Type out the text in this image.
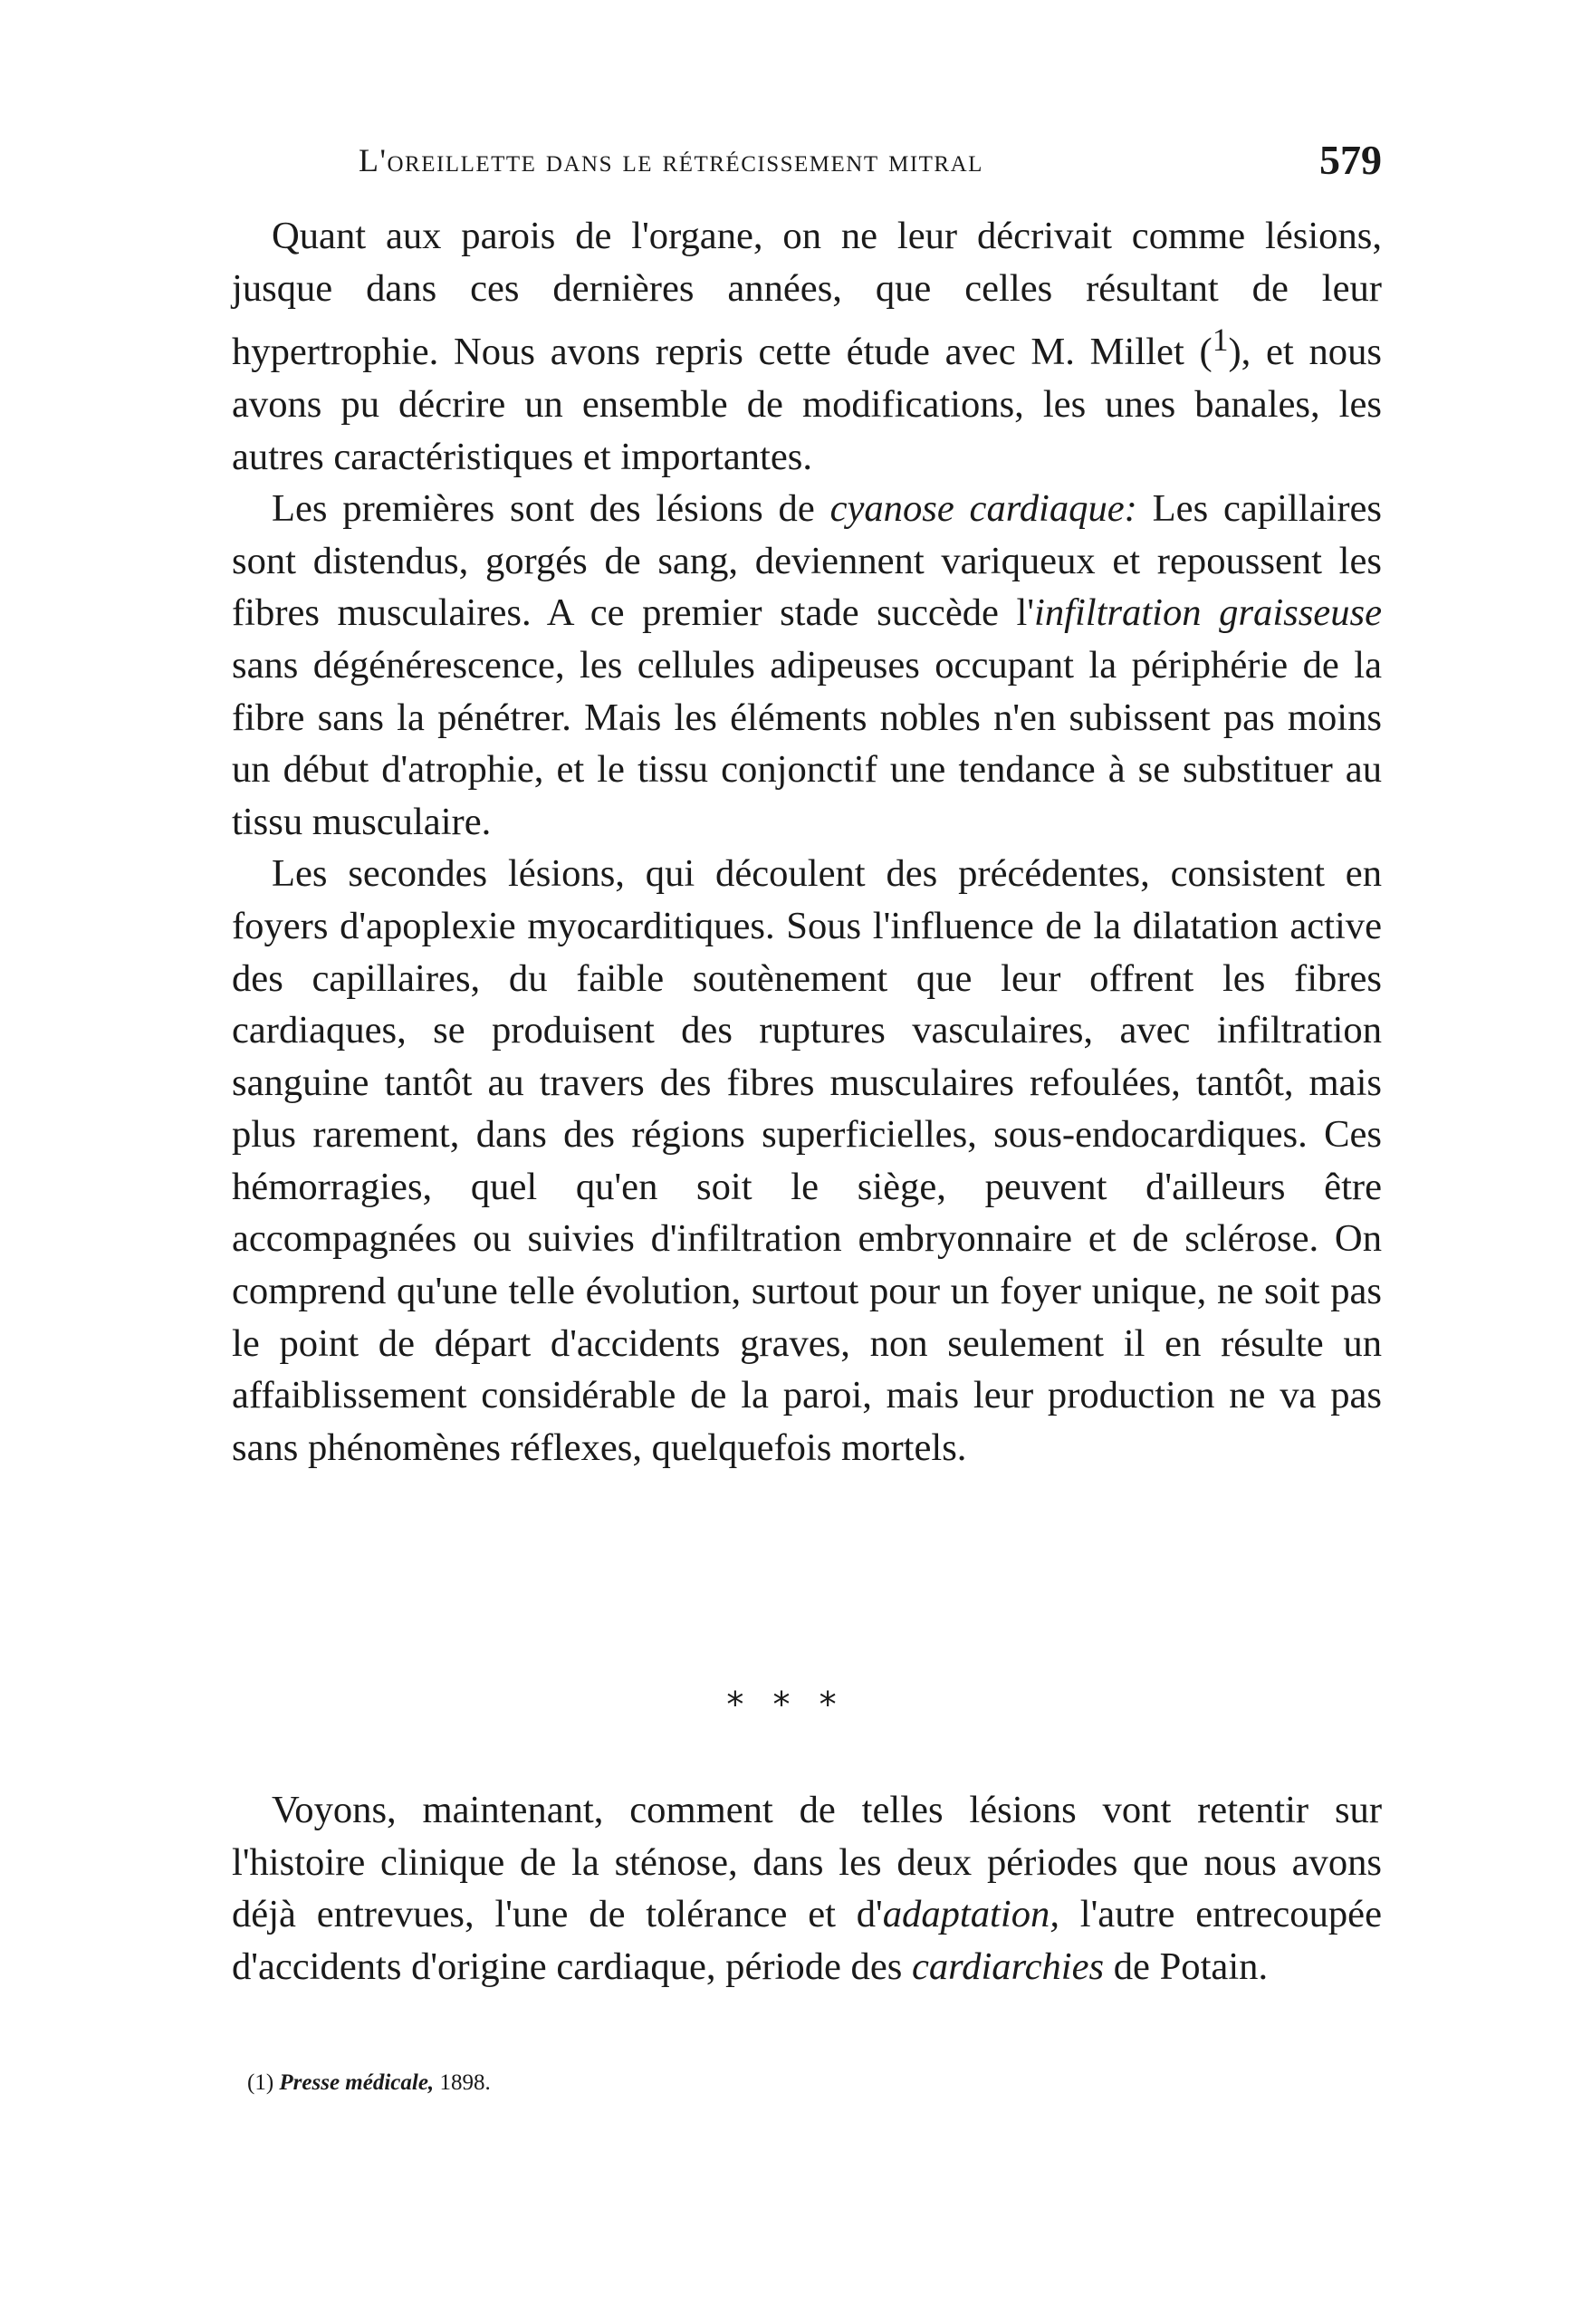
L'oreillette dans le rétrécissement mitral	579

Quant aux parois de l'organe, on ne leur décrivait comme lésions, jusque dans ces dernières années, que celles résultant de leur hypertrophie. Nous avons repris cette étude avec M. Millet ($^1$), et nous avons pu décrire un ensemble de modifications, les unes banales, les autres caractéristiques et importantes.

Les premières sont des lésions de cyanose cardiaque: Les capillaires sont distendus, gorgés de sang, deviennent variqueux et repoussent les fibres musculaires. A ce premier stade succède l'infiltration graisseuse sans dégénérescence, les cellules adipeuses occupant la périphérie de la fibre sans la pénétrer. Mais les éléments nobles n'en subissent pas moins un début d'atrophie, et le tissu conjonctif une tendance à se substituer au tissu musculaire.

Les secondes lésions, qui découlent des précédentes, consistent en foyers d'apoplexie myocarditiques. Sous l'influence de la dilatation active des capillaires, du faible soutènement que leur offrent les fibres cardiaques, se produisent des ruptures vasculaires, avec infiltration sanguine tantôt au travers des fibres musculaires refoulées, tantôt, mais plus rarement, dans des régions superficielles, sous-endocardiques. Ces hémorragies, quel qu'en soit le siège, peuvent d'ailleurs être accompagnées ou suivies d'infiltration embryonnaire et de sclérose. On comprend qu'une telle évolution, surtout pour un foyer unique, ne soit pas le point de départ d'accidents graves, non seulement il en résulte un affaiblissement considérable de la paroi, mais leur production ne va pas sans phénomènes réflexes, quelquefois mortels.

* * *

Voyons, maintenant, comment de telles lésions vont retentir sur l'histoire clinique de la sténose, dans les deux périodes que nous avons déjà entrevues, l'une de tolérance et d'adaptation, l'autre entrecoupée d'accidents d'origine cardiaque, période des cardiarchies de Potain.

(1) Presse médicale, 1898.
